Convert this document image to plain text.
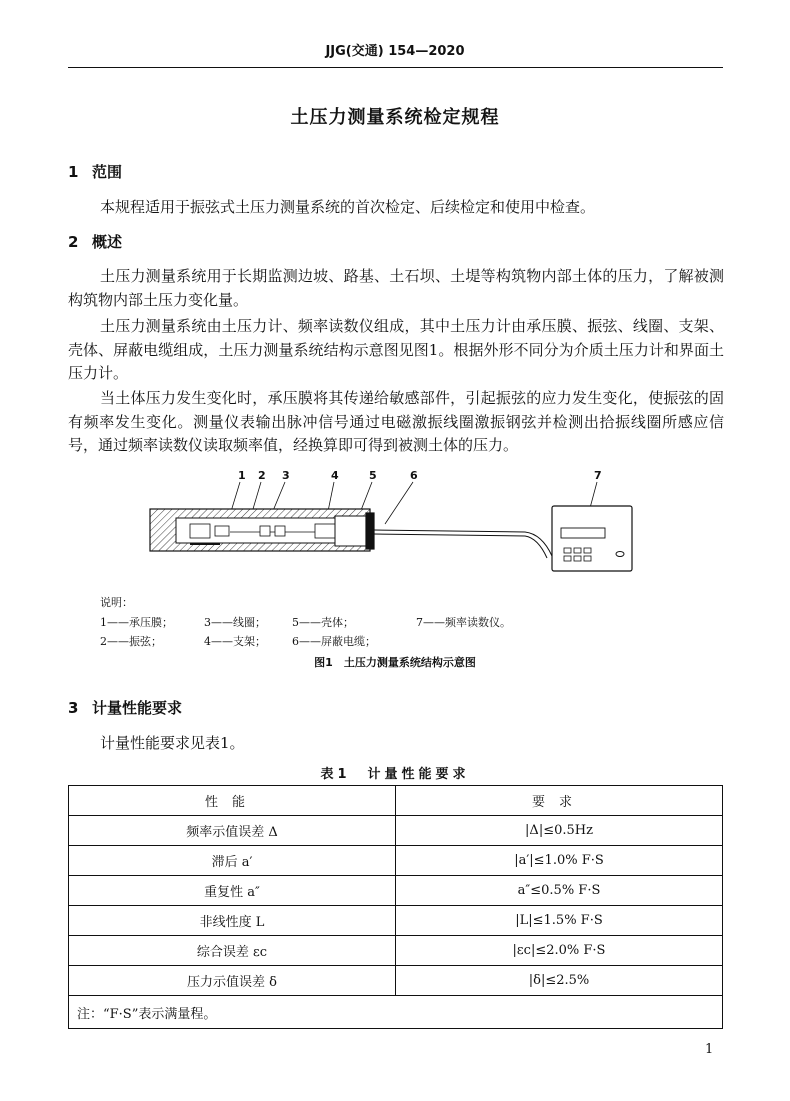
JJG(交通) 154—2020
土压力测量系统检定规程
1 范围
本规程适用于振弦式土压力测量系统的首次检定、后续检定和使用中检查。
2 概述
土压力测量系统用于长期监测边坡、路基、土石坝、土堤等构筑物内部土体的压力，了解被测构筑物内部土压力变化量。
土压力测量系统由土压力计、频率读数仪组成，其中土压力计由承压膜、振弦、线圈、支架、壳体、屏蔽电缆组成，土压力测量系统结构示意图见图1。根据外形不同分为介质土压力计和界面土压力计。
当土体压力发生变化时，承压膜将其传递给敏感部件，引起振弦的应力发生变化，使振弦的固有频率发生变化。测量仪表输出脉冲信号通过电磁激振线圈激振钢弦并检测出拾振线圈所感应信号，通过频率读数仪读取频率值，经换算即可得到被测土体的压力。
1 2 3	4	5	6	7
说明：
1——承压膜；	3——线圈； 5——壳体；	7——频率读数仪。
2——振弦；	4——支架； 6——屏蔽电缆；
图1　土压力测量系统结构示意图
3 计量性能要求
计量性能要求见表1。
表1　计量性能要求
性能	要求
频率示值误差 Δ	|Δ|≤0.5Hz
滞后 a′	|a′|≤1.0% F·S
重复性 a″	a″≤0.5% F·S
非线性度 L	|L|≤1.5% F·S
综合误差 εc	|εc|≤2.0% F·S
压力示值误差 δ	|δ|≤2.5%
注：“F·S”表示满量程。	
1
